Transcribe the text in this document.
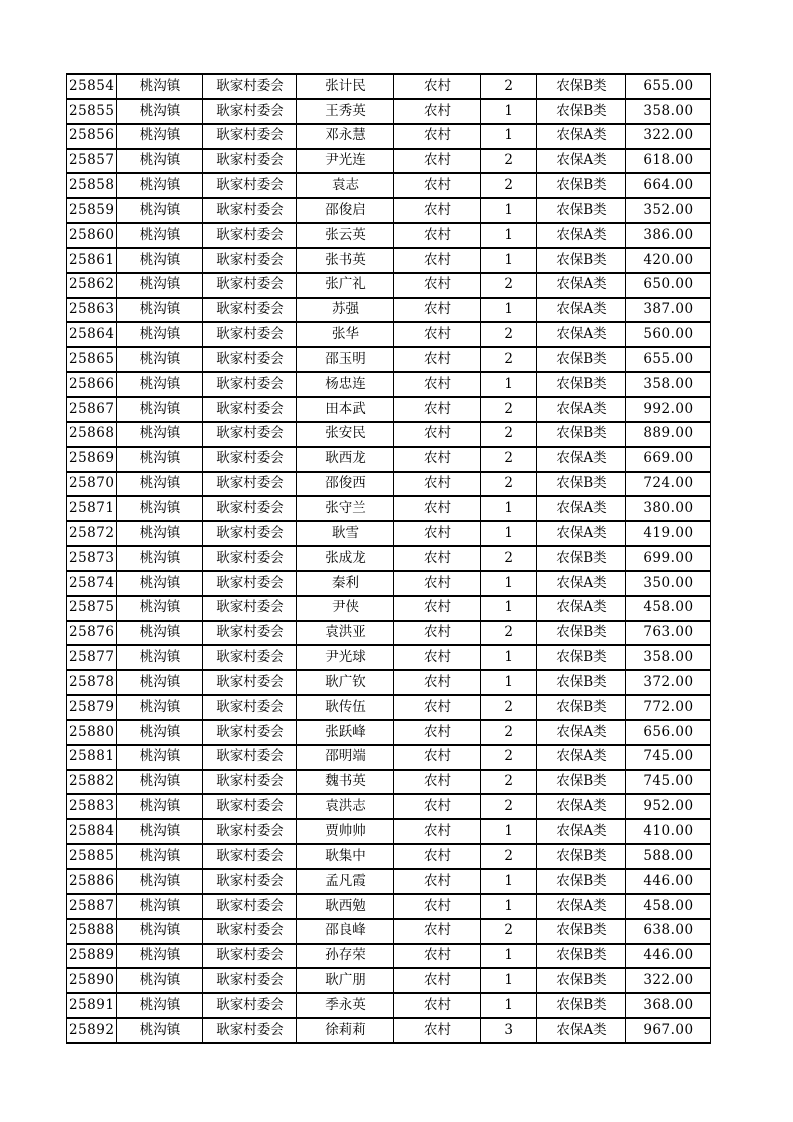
25854	桃沟镇	耿家村委会	张计民	农村	2	农保B类	655.00
25855	桃沟镇	耿家村委会	王秀英	农村	1	农保B类	358.00
25856	桃沟镇	耿家村委会	邓永慧	农村	1	农保A类	322.00
25857	桃沟镇	耿家村委会	尹光连	农村	2	农保A类	618.00
25858	桃沟镇	耿家村委会	袁志	农村	2	农保B类	664.00
25859	桃沟镇	耿家村委会	邵俊启	农村	1	农保B类	352.00
25860	桃沟镇	耿家村委会	张云英	农村	1	农保A类	386.00
25861	桃沟镇	耿家村委会	张书英	农村	1	农保B类	420.00
25862	桃沟镇	耿家村委会	张广礼	农村	2	农保A类	650.00
25863	桃沟镇	耿家村委会	苏强	农村	1	农保A类	387.00
25864	桃沟镇	耿家村委会	张华	农村	2	农保A类	560.00
25865	桃沟镇	耿家村委会	邵玉明	农村	2	农保B类	655.00
25866	桃沟镇	耿家村委会	杨忠连	农村	1	农保B类	358.00
25867	桃沟镇	耿家村委会	田本武	农村	2	农保A类	992.00
25868	桃沟镇	耿家村委会	张安民	农村	2	农保B类	889.00
25869	桃沟镇	耿家村委会	耿西龙	农村	2	农保A类	669.00
25870	桃沟镇	耿家村委会	邵俊西	农村	2	农保B类	724.00
25871	桃沟镇	耿家村委会	张守兰	农村	1	农保A类	380.00
25872	桃沟镇	耿家村委会	耿雪	农村	1	农保A类	419.00
25873	桃沟镇	耿家村委会	张成龙	农村	2	农保B类	699.00
25874	桃沟镇	耿家村委会	秦利	农村	1	农保A类	350.00
25875	桃沟镇	耿家村委会	尹侠	农村	1	农保A类	458.00
25876	桃沟镇	耿家村委会	袁洪亚	农村	2	农保B类	763.00
25877	桃沟镇	耿家村委会	尹光球	农村	1	农保B类	358.00
25878	桃沟镇	耿家村委会	耿广钦	农村	1	农保B类	372.00
25879	桃沟镇	耿家村委会	耿传伍	农村	2	农保B类	772.00
25880	桃沟镇	耿家村委会	张跃峰	农村	2	农保A类	656.00
25881	桃沟镇	耿家村委会	邵明端	农村	2	农保A类	745.00
25882	桃沟镇	耿家村委会	魏书英	农村	2	农保B类	745.00
25883	桃沟镇	耿家村委会	袁洪志	农村	2	农保A类	952.00
25884	桃沟镇	耿家村委会	贾帅帅	农村	1	农保A类	410.00
25885	桃沟镇	耿家村委会	耿集中	农村	2	农保B类	588.00
25886	桃沟镇	耿家村委会	孟凡霞	农村	1	农保B类	446.00
25887	桃沟镇	耿家村委会	耿西勉	农村	1	农保A类	458.00
25888	桃沟镇	耿家村委会	邵良峰	农村	2	农保B类	638.00
25889	桃沟镇	耿家村委会	孙存荣	农村	1	农保B类	446.00
25890	桃沟镇	耿家村委会	耿广朋	农村	1	农保B类	322.00
25891	桃沟镇	耿家村委会	季永英	农村	1	农保B类	368.00
25892	桃沟镇	耿家村委会	徐莉莉	农村	3	农保A类	967.00
